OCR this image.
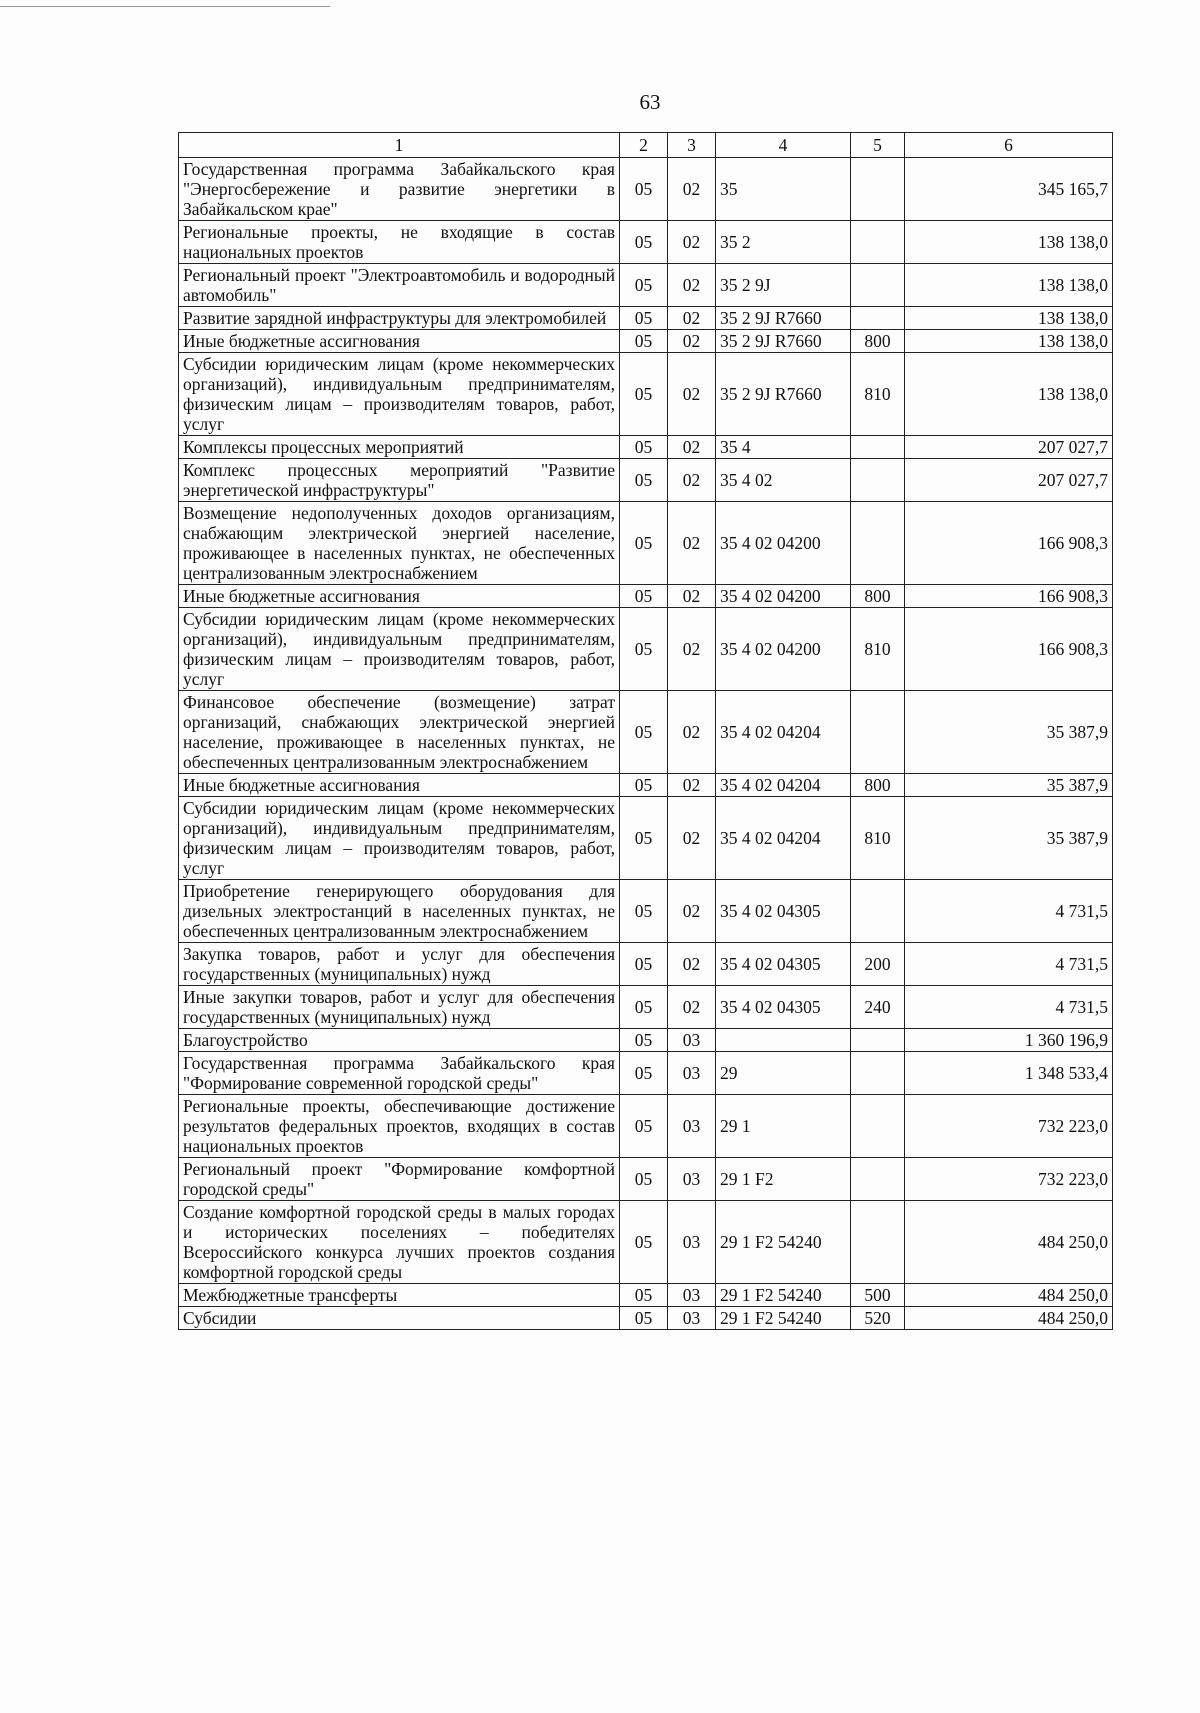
63
1	2	3	4	5	6
Государственная программа Забайкальского края "Энергосбережение и развитие энергетики в Забайкальском крае"	05	02	35		345 165,7
Региональные проекты, не входящие в состав национальных проектов	05	02	35 2		138 138,0
Региональный проект "Электроавтомобиль и водородный автомобиль"	05	02	35 2 9J		138 138,0
Развитие зарядной инфраструктуры для электромобилей	05	02	35 2 9J R7660		138 138,0
Иные бюджетные ассигнования	05	02	35 2 9J R7660	800	138 138,0
Субсидии юридическим лицам (кроме некоммерческих организаций), индивидуальным предпринимателям, физическим лицам – производителям товаров, работ, услуг	05	02	35 2 9J R7660	810	138 138,0
Комплексы процессных мероприятий	05	02	35 4		207 027,7
Комплекс процессных мероприятий "Развитие энергетической инфраструктуры"	05	02	35 4 02		207 027,7
Возмещение недополученных доходов организациям, снабжающим электрической энергией население, проживающее в населенных пунктах, не обеспеченных централизованным электроснабжением	05	02	35 4 02 04200		166 908,3
Иные бюджетные ассигнования	05	02	35 4 02 04200	800	166 908,3
Субсидии юридическим лицам (кроме некоммерческих организаций), индивидуальным предпринимателям, физическим лицам – производителям товаров, работ, услуг	05	02	35 4 02 04200	810	166 908,3
Финансовое обеспечение (возмещение) затрат организаций, снабжающих электрической энергией население, проживающее в населенных пунктах, не обеспеченных централизованным электроснабжением	05	02	35 4 02 04204		35 387,9
Иные бюджетные ассигнования	05	02	35 4 02 04204	800	35 387,9
Субсидии юридическим лицам (кроме некоммерческих организаций), индивидуальным предпринимателям, физическим лицам – производителям товаров, работ, услуг	05	02	35 4 02 04204	810	35 387,9
Приобретение генерирующего оборудования для дизельных электростанций в населенных пунктах, не обеспеченных централизованным электроснабжением	05	02	35 4 02 04305		4 731,5
Закупка товаров, работ и услуг для обеспечения государственных (муниципальных) нужд	05	02	35 4 02 04305	200	4 731,5
Иные закупки товаров, работ и услуг для обеспечения государственных (муниципальных) нужд	05	02	35 4 02 04305	240	4 731,5
Благоустройство	05	03			1 360 196,9
Государственная программа Забайкальского края "Формирование современной городской среды"	05	03	29		1 348 533,4
Региональные проекты, обеспечивающие достижение результатов федеральных проектов, входящих в состав национальных проектов	05	03	29 1		732 223,0
Региональный проект "Формирование комфортной городской среды"	05	03	29 1 F2		732 223,0
Создание комфортной городской среды в малых городах и исторических поселениях – победителях Всероссийского конкурса лучших проектов создания комфортной городской среды	05	03	29 1 F2 54240		484 250,0
Межбюджетные трансферты	05	03	29 1 F2 54240	500	484 250,0
Субсидии	05	03	29 1 F2 54240	520	484 250,0
